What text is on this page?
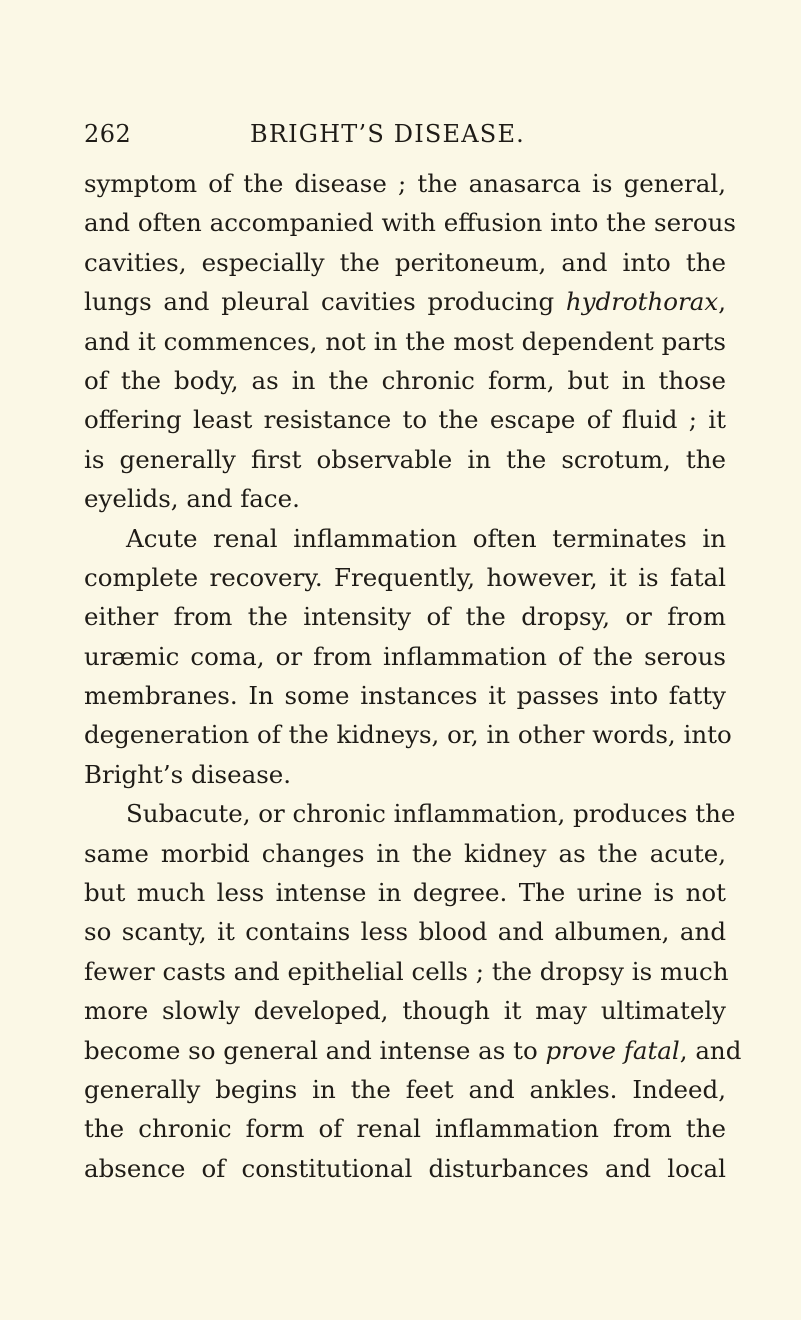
262	BRIGHT’S DISEASE.
symptom of the disease ; the anasarca is general,
and often accompanied with effusion into the serous
cavities, especially the peritoneum, and into the
lungs and pleural cavities producing hydrothorax,
and it commences, not in the most dependent parts
of the body, as in the chronic form, but in those
offering least resistance to the escape of fluid ; it
is generally first observable in the scrotum, the
eyelids, and face.
Acute renal inflammation often terminates in
complete recovery. Frequently, however, it is fatal
either from the intensity of the dropsy, or from
uræmic coma, or from inflammation of the serous
membranes. In some instances it passes into fatty
degeneration of the kidneys, or, in other words, into
Bright’s disease.
Subacute, or chronic inflammation, produces the
same morbid changes in the kidney as the acute,
but much less intense in degree. The urine is not
so scanty, it contains less blood and albumen, and
fewer casts and epithelial cells ; the dropsy is much
more slowly developed, though it may ultimately
become so general and intense as to prove fatal, and
generally begins in the feet and ankles. Indeed,
the chronic form of renal inflammation from the
absence of constitutional disturbances and local
